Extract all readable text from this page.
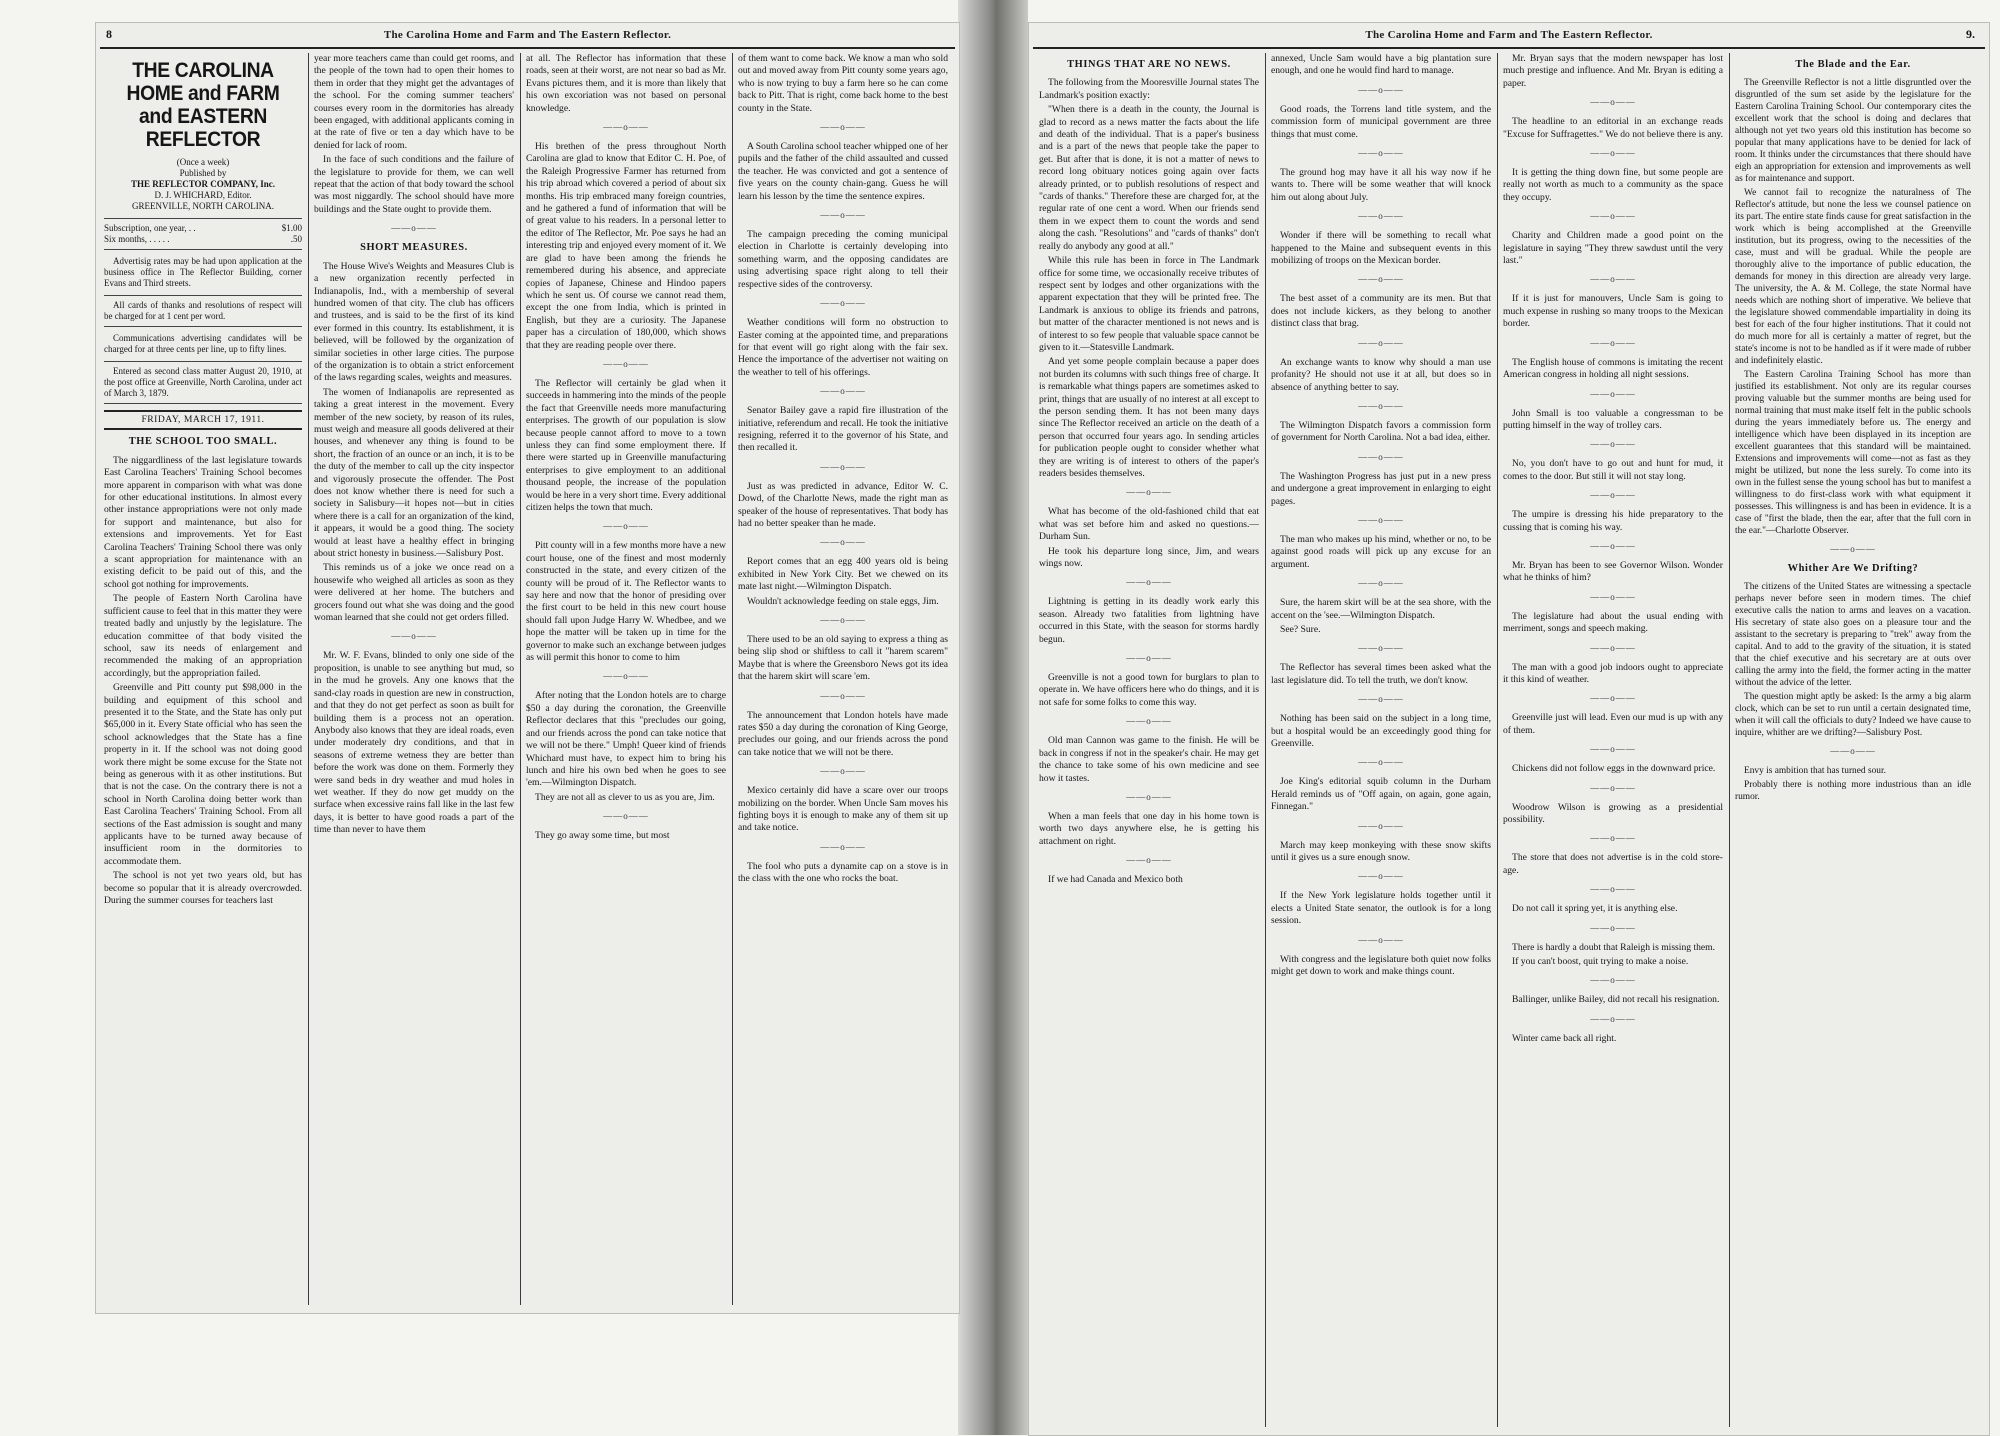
8	The Carolina Home and Farm and The Eastern Reflector.
THE CAROLINA HOME and FARM and EASTERN REFLECTOR
(Once a week)
Published by
THE REFLECTOR COMPANY, Inc.
D. J. WHICHARD, Editor.
GREENVILLE, NORTH CAROLINA.
Subscription, one year, . .	$1.00
Six months, . . . . .	.50

Advertisig rates may be had upon application at the business office in The Reflector Building, corner Evans and Third streets.

All cards of thanks and resolutions of respect will be charged for at 1 cent per word.

Communications advertising candidates will be charged for at three cents per line, up to fifty lines.

Entered as second class matter August 20, 1910, at the post office at Greenville, North Carolina, under act of March 3, 1879.

FRIDAY, MARCH 17, 1911.
THE SCHOOL TOO SMALL.

The niggardliness of the last legislature towards East Carolina Teachers' Training School becomes more apparent in comparison with what was done for other educational institutions. In almost every other instance appropriations were not only made for support and maintenance, but also for extensions and improvements. Yet for East Carolina Teachers' Training School there was only a scant appropriation for maintenance with an existing deficit to be paid out of this, and the school got nothing for improvements.

The people of Eastern North Carolina have sufficient cause to feel that in this matter they were treated badly and unjustly by the legislature. The education committee of that body visited the school, saw its needs of enlargement and recommended the making of an appropriation accordingly, but the appropriation failed.

Greenville and Pitt county put $98,000 in the building and equipment of this school and presented it to the State, and the State has only put $65,000 in it. Every State official who has seen the school acknowledges that the State has a fine property in it. If the school was not doing good work there might be some excuse for the State not being as generous with it as other institutions. But that is not the case. On the contrary there is not a school in North Carolina doing better work than East Carolina Teachers' Training School. From all sections of the East admission is sought and many applicants have to be turned away because of insufficient room in the dormitories to accommodate them.

The school is not yet two years old, but has become so popular that it is already overcrowded. During the summer courses for teachers last

year more teachers came than could get rooms, and the people of the town had to open their homes to them in order that they might get the advantages of the school. For the coming summer teachers' courses every room in the dormitories has already been engaged, with additional applicants coming in at the rate of five or ten a day which have to be denied for lack of room.

In the face of such conditions and the failure of the legislature to provide for them, we can well repeat that the action of that body toward the school was most niggardly. The school should have more buildings and the State ought to provide them.

——o——
SHORT MEASURES.

The House Wive's Weights and Measures Club is a new organization recently perfected in Indianapolis, Ind., with a membership of several hundred women of that city. The club has officers and trustees, and is said to be the first of its kind ever formed in this country. Its establishment, it is believed, will be followed by the organization of similar societies in other large cities. The purpose of the organization is to obtain a strict enforcement of the laws regarding scales, weights and measures.

The women of Indianapolis are represented as taking a great interest in the movement. Every member of the new society, by reason of its rules, must weigh and measure all goods delivered at their houses, and whenever any thing is found to be short, the fraction of an ounce or an inch, it is to be the duty of the member to call up the city inspector and vigorously prosecute the offender. The Post does not know whether there is need for such a society in Salisbury—it hopes not—but in cities where there is a call for an organization of the kind, it appears, it would be a good thing. The society would at least have a healthy effect in bringing about strict honesty in business.—Salisbury Post.

This reminds us of a joke we once read on a housewife who weighed all articles as soon as they were delivered at her home. The butchers and grocers found out what she was doing and the good woman learned that she could not get orders filled.

——o——

Mr. W. F. Evans, blinded to only one side of the proposition, is unable to see anything but mud, so in the mud he grovels. Any one knows that the sand-clay roads in question are new in construction, and that they do not get perfect as soon as built for building them is a process not an operation. Anybody also knows that they are ideal roads, even under moderately dry conditions, and that in seasons of extreme wetness they are better than before the work was done on them. Formerly they were sand beds in dry weather and mud holes in wet weather. If they do now get muddy on the surface when excessive rains fall like in the last few days, it is better to have good roads a part of the time than never to have them

at all. The Reflector has information that these roads, seen at their worst, are not near so bad as Mr. Evans pictures them, and it is more than likely that his own excoriation was not based on personal knowledge.

——o——

His brethen of the press throughout North Carolina are glad to know that Editor C. H. Poe, of the Raleigh Progressive Farmer has returned from his trip abroad which covered a period of about six months. His trip embraced many foreign countries, and he gathered a fund of information that will be of great value to his readers. In a personal letter to the editor of The Reflector, Mr. Poe says he had an interesting trip and enjoyed every moment of it. We are glad to have been among the friends he remembered during his absence, and appreciate copies of Japanese, Chinese and Hindoo papers which he sent us. Of course we cannot read them, except the one from India, which is printed in English, but they are a curiosity. The Japanese paper has a circulation of 180,000, which shows that they are reading people over there.

——o——

The Reflector will certainly be glad when it succeeds in hammering into the minds of the people the fact that Greenville needs more manufacturing enterprises. The growth of our population is slow because people cannot afford to move to a town unless they can find some employment there. If there were started up in Greenville manufacturing enterprises to give employment to an additional thousand people, the increase of the population would be here in a very short time. Every additional citizen helps the town that much.

——o——

Pitt county will in a few months more have a new court house, one of the finest and most modernly constructed in the state, and every citizen of the county will be proud of it. The Reflector wants to say here and now that the honor of presiding over the first court to be held in this new court house should fall upon Judge Harry W. Whedbee, and we hope the matter will be taken up in time for the governor to make such an exchange between judges as will permit this honor to come to him

——o——

After noting that the London hotels are to charge $50 a day during the coronation, the Greenville Reflector declares that this "precludes our going, and our friends across the pond can take notice that we will not be there." Umph! Queer kind of friends Whichard must have, to expect him to bring his lunch and hire his own bed when he goes to see 'em.—Wilmington Dispatch.

They are not all as clever to us as you are, Jim.

——o——

They go away some time, but most

of them want to come back. We know a man who sold out and moved away from Pitt county some years ago, who is now trying to buy a farm here so he can come back to Pitt. That is right, come back home to the best county in the State.

——o——

A South Carolina school teacher whipped one of her pupils and the father of the child assaulted and cussed the teacher. He was convicted and got a sentence of five years on the county chain-gang. Guess he will learn his lesson by the time the sentence expires.

——o——

The campaign preceding the coming municipal election in Charlotte is certainly developing into something warm, and the opposing candidates are using advertising space right along to tell their respective sides of the controversy.

——o——

Weather conditions will form no obstruction to Easter coming at the appointed time, and preparations for that event will go right along with the fair sex. Hence the importance of the advertiser not waiting on the weather to tell of his offerings.

——o——

Senator Bailey gave a rapid fire illustration of the initiative, referendum and recall. He took the initiative resigning, referred it to the governor of his State, and then recalled it.

——o——

Just as was predicted in advance, Editor W. C. Dowd, of the Charlotte News, made the right man as speaker of the house of representatives. That body has had no better speaker than he made.

——o——

Report comes that an egg 400 years old is being exhibited in New York City. Bet we chewed on its mate last night.—Wilmington Dispatch.

Wouldn't acknowledge feeding on stale eggs, Jim.

——o——

There used to be an old saying to express a thing as being slip shod or shiftless to call it "harem scarem" Maybe that is where the Greensboro News got its idea that the harem skirt will scare 'em.

——o——

The announcement that London hotels have made rates $50 a day during the coronation of King George, precludes our going, and our friends across the pond can take notice that we will not be there.

——o——

Mexico certainly did have a scare over our troops mobilizing on the border. When Uncle Sam moves his fighting boys it is enough to make any of them sit up and take notice.

——o——

The fool who puts a dynamite cap on a stove is in the class with the one who rocks the boat.

The Carolina Home and Farm and The Eastern Reflector.	9.
THINGS THAT ARE NO NEWS.

The following from the Mooresville Journal states The Landmark's position exactly:

"When there is a death in the county, the Journal is glad to record as a news matter the facts about the life and death of the individual. That is a paper's business and is a part of the news that people take the paper to get. But after that is done, it is not a matter of news to record long obituary notices going again over facts already printed, or to publish resolutions of respect and "cards of thanks." Therefore these are charged for, at the regular rate of one cent a word. When our friends send them in we expect them to count the words and send along the cash. "Resolutions" and "cards of thanks" don't really do anybody any good at all."

While this rule has been in force in The Landmark office for some time, we occasionally receive tributes of respect sent by lodges and other organizations with the apparent expectation that they will be printed free. The Landmark is anxious to oblige its friends and patrons, but matter of the character mentioned is not news and is of interest to so few people that valuable space cannot be given to it.—Statesville Landmark.

And yet some people complain because a paper does not burden its columns with such things free of charge. It is remarkable what things papers are sometimes asked to print, things that are usually of no interest at all except to the person sending them. It has not been many days since The Reflector received an article on the death of a person that occurred four years ago. In sending articles for publication people ought to consider whether what they are writing is of interest to others of the paper's readers besides themselves.

——o——

What has become of the old-fashioned child that eat what was set before him and asked no questions.—Durham Sun.

He took his departure long since, Jim, and wears wings now.

——o——

Lightning is getting in its deadly work early this season. Already two fatalities from lightning have occurred in this State, with the season for storms hardly begun.

——o——

Greenville is not a good town for burglars to plan to operate in. We have officers here who do things, and it is not safe for some folks to come this way.

——o——

Old man Cannon was game to the finish. He will be back in congress if not in the speaker's chair. He may get the chance to take some of his own medicine and see how it tastes.

——o——

When a man feels that one day in his home town is worth two days anywhere else, he is getting his attachment on right.

——o——

If we had Canada and Mexico both

annexed, Uncle Sam would have a big plantation sure enough, and one he would find hard to manage.

——o——

Good roads, the Torrens land title system, and the commission form of municipal government are three things that must come.

——o——

The ground hog may have it all his way now if he wants to. There will be some weather that will knock him out along about July.

——o——

Wonder if there will be something to recall what happened to the Maine and subsequent events in this mobilizing of troops on the Mexican border.

——o——

The best asset of a community are its men. But that does not include kickers, as they belong to another distinct class that brag.

——o——

An exchange wants to know why should a man use profanity? He should not use it at all, but does so in absence of anything better to say.

——o——

The Wilmington Dispatch favors a commission form of government for North Carolina. Not a bad idea, either.

——o——

The Washington Progress has just put in a new press and undergone a great improvement in enlarging to eight pages.

——o——

The man who makes up his mind, whether or no, to be against good roads will pick up any excuse for an argument.

——o——

Sure, the harem skirt will be at the sea shore, with the accent on the 'see.—Wilmington Dispatch.

See? Sure.

——o——

The Reflector has several times been asked what the last legislature did. To tell the truth, we don't know.

——o——

Nothing has been said on the subject in a long time, but a hospital would be an exceedingly good thing for Greenville.

——o——

Joe King's editorial squib column in the Durham Herald reminds us of "Off again, on again, gone again, Finnegan."

——o——

March may keep monkeying with these snow skifts until it gives us a sure enough snow.

——o——

If the New York legislature holds together until it elects a United State senator, the outlook is for a long session.

——o——

With congress and the legislature both quiet now folks might get down to work and make things count.

Mr. Bryan says that the modern newspaper has lost much prestige and influence. And Mr. Bryan is editing a paper.

——o——

The headline to an editorial in an exchange reads "Excuse for Suffragettes." We do not believe there is any.

——o——

It is getting the thing down fine, but some people are really not worth as much to a community as the space they occupy.

——o——

Charity and Children made a good point on the legislature in saying "They threw sawdust until the very last."

——o——

If it is just for manouvers, Uncle Sam is going to much expense in rushing so many troops to the Mexican border.

——o——

The English house of commons is imitating the recent American congress in holding all night sessions.

——o——

John Small is too valuable a congressman to be putting himself in the way of trolley cars.

——o——

No, you don't have to go out and hunt for mud, it comes to the door. But still it will not stay long.

——o——

The umpire is dressing his hide preparatory to the cussing that is coming his way.

——o——

Mr. Bryan has been to see Governor Wilson. Wonder what he thinks of him?

——o——

The legislature had about the usual ending with merriment, songs and speech making.

——o——

The man with a good job indoors ought to appreciate it this kind of weather.

——o——

Greenville just will lead. Even our mud is up with any of them.

——o——

Chickens did not follow eggs in the downward price.

——o——

Woodrow Wilson is growing as a presidential possibility.

——o——

The store that does not advertise is in the cold store-age.

——o——

Do not call it spring yet, it is anything else.

——o——

There is hardly a doubt that Raleigh is missing them.

If you can't boost, quit trying to make a noise.

——o——

Ballinger, unlike Bailey, did not recall his resignation.

——o——

Winter came back all right.

The Blade and the Ear.

The Greenville Reflector is not a little disgruntled over the disgruntled of the sum set aside by the legislature for the Eastern Carolina Training School. Our contemporary cites the excellent work that the school is doing and declares that although not yet two years old this institution has become so popular that many applications have to be denied for lack of room. It thinks under the circumstances that there should have eigh an appropriation for extension and improvements as well as for maintenance and support.

We cannot fail to recognize the naturalness of The Reflector's attitude, but none the less we counsel patience on its part. The entire state finds cause for great satisfaction in the work which is being accomplished at the Greenville institution, but its progress, owing to the necessities of the case, must and will be gradual. While the people are thoroughly alive to the importance of public education, the demands for money in this direction are already very large. The university, the A. & M. College, the state Normal have needs which are nothing short of imperative. We believe that the legislature showed commendable impartiality in doing its best for each of the four higher institutions. That it could not do much more for all is certainly a matter of regret, but the state's income is not to be handled as if it were made of rubber and indefinitely elastic.

The Eastern Carolina Training School has more than justified its establishment. Not only are its regular courses proving valuable but the summer months are being used for normal training that must make itself felt in the public schools during the years immediately before us. The energy and intelligence which have been displayed in its inception are excellent guarantees that this standard will be maintained. Extensions and improvements will come—not as fast as they might be utilized, but none the less surely. To come into its own in the fullest sense the young school has but to manifest a willingness to do first-class work with what equipment it possesses. This willingness is and has been in evidence. It is a case of "first the blade, then the ear, after that the full corn in the ear."—Charlotte Observer.

——o——
Whither Are We Drifting?

The citizens of the United States are witnessing a spectacle perhaps never before seen in modern times. The chief executive calls the nation to arms and leaves on a vacation. His secretary of state also goes on a pleasure tour and the assistant to the secretary is preparing to "trek" away from the capital. And to add to the gravity of the situation, it is stated that the chief executive and his secretary are at outs over calling the army into the field, the former acting in the matter without the advice of the letter.

The question might aptly be asked: Is the army a big alarm clock, which can be set to run until a certain designated time, when it will call the officials to duty? Indeed we have cause to inquire, whither are we drifting?—Salisbury Post.

——o——

Envy is ambition that has turned sour.

Probably there is nothing more industrious than an idle rumor.
